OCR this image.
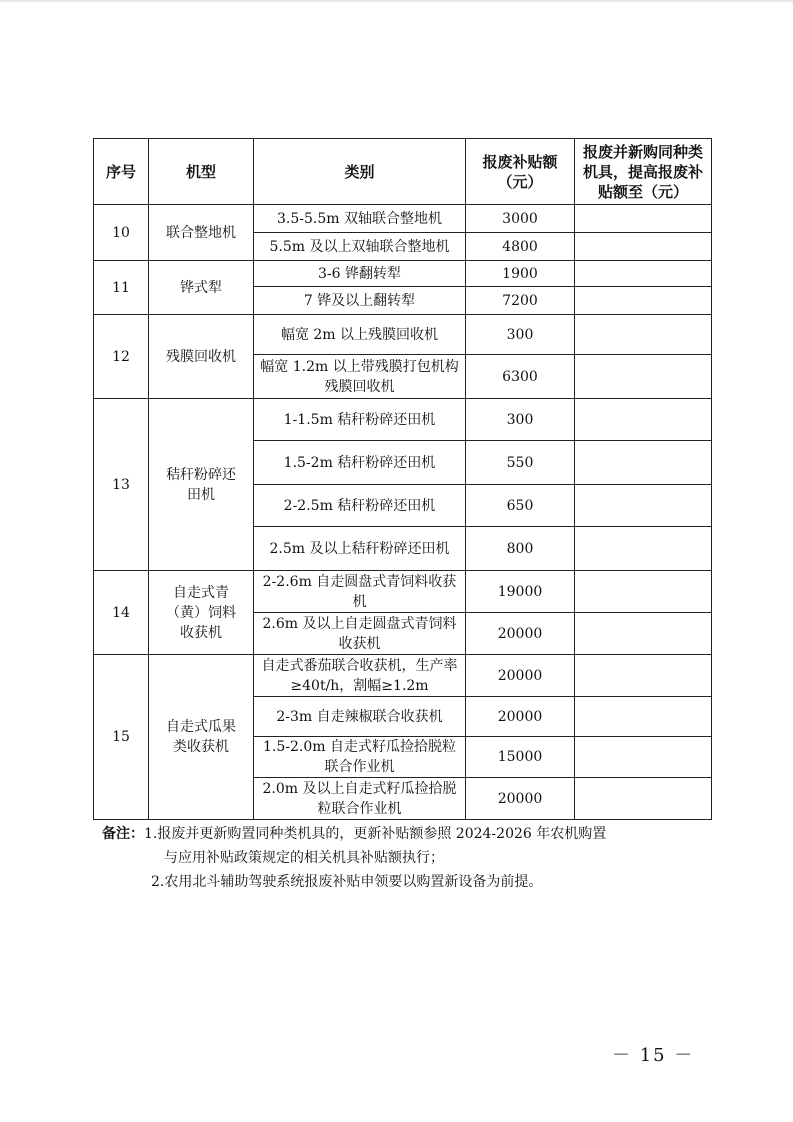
序号	机型	类别	报废补贴额（元）	报废并新购同种类机具，提高报废补贴额至（元）
10	联合整地机	3.5-5.5m 双轴联合整地机	3000	
		5.5m 及以上双轴联合整地机	4800	
11	铧式犁	3-6 铧翻转犁	1900	
		7 铧及以上翻转犁	7200	
12	残膜回收机	幅宽 2m 以上残膜回收机	300	
		幅宽 1.2m 以上带残膜打包机构残膜回收机	6300	
13	秸秆粉碎还田机	1-1.5m 秸秆粉碎还田机	300	
		1.5-2m 秸秆粉碎还田机	550	
		2-2.5m 秸秆粉碎还田机	650	
		2.5m 及以上秸秆粉碎还田机	800	
14	自走式青（黄）饲料收获机	2-2.6m 自走圆盘式青饲料收获机	19000	
		2.6m 及以上自走圆盘式青饲料收获机	20000	
15	自走式瓜果类收获机	自走式番茄联合收获机，生产率≥40t/h，割幅≥1.2m	20000	
		2-3m 自走辣椒联合收获机	20000	
		1.5-2.0m 自走式籽瓜捡拾脱粒联合作业机	15000	
		2.0m 及以上自走式籽瓜捡拾脱粒联合作业机	20000	
备注：1.报废并更新购置同种类机具的，更新补贴额参照 2024-2026 年农机购置
与应用补贴政策规定的相关机具补贴额执行；
2.农用北斗辅助驾驶系统报废补贴申领要以购置新设备为前提。
－ 15 －
